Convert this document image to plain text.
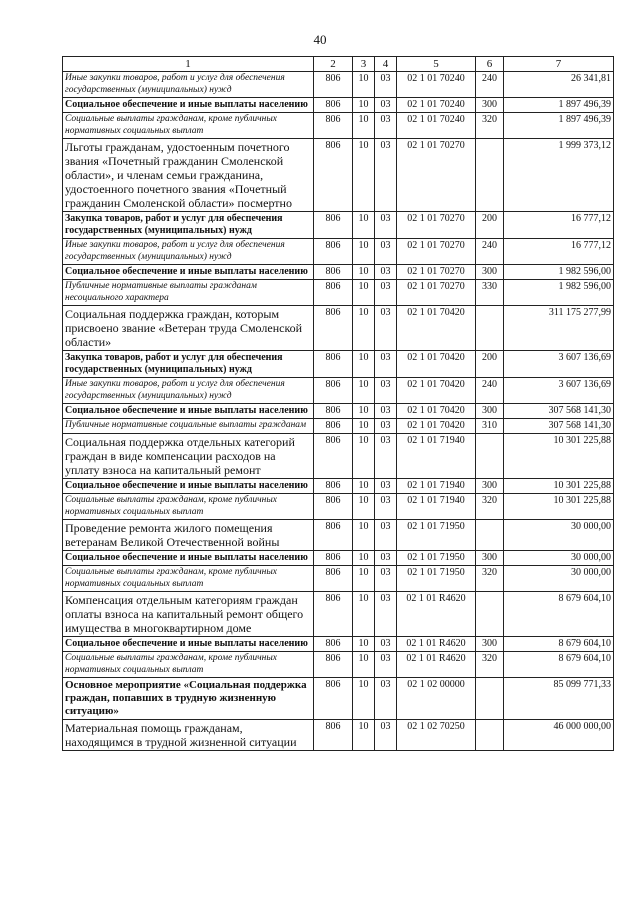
40
1	2	3	4	5	6	7
Иные закупки товаров, работ и услуг для обеспечения государственных (муниципальных) нужд	806	10	03	02 1 01 70240	240	26 341,81
Социальное обеспечение и иные выплаты населению	806	10	03	02 1 01 70240	300	1 897 496,39
Социальные выплаты гражданам, кроме публичных нормативных социальных выплат	806	10	03	02 1 01 70240	320	1 897 496,39
Льготы гражданам, удостоенным почетного звания «Почетный гражданин Смоленской области», и членам семьи гражданина, удостоенного почетного звания «Почетный гражданин Смоленской области» посмертно	806	10	03	02 1 01 70270		1 999 373,12
Закупка товаров, работ и услуг для обеспечения государственных (муниципальных) нужд	806	10	03	02 1 01 70270	200	16 777,12
Иные закупки товаров, работ и услуг для обеспечения государственных (муниципальных) нужд	806	10	03	02 1 01 70270	240	16 777,12
Социальное обеспечение и иные выплаты населению	806	10	03	02 1 01 70270	300	1 982 596,00
Публичные нормативные выплаты гражданам несоциального характера	806	10	03	02 1 01 70270	330	1 982 596,00
Социальная поддержка граждан, которым присвоено звание «Ветеран труда Смоленской области»	806	10	03	02 1 01 70420		311 175 277,99
Закупка товаров, работ и услуг для обеспечения государственных (муниципальных) нужд	806	10	03	02 1 01 70420	200	3 607 136,69
Иные закупки товаров, работ и услуг для обеспечения государственных (муниципальных) нужд	806	10	03	02 1 01 70420	240	3 607 136,69
Социальное обеспечение и иные выплаты населению	806	10	03	02 1 01 70420	300	307 568 141,30
Публичные нормативные социальные выплаты гражданам	806	10	03	02 1 01 70420	310	307 568 141,30
Социальная поддержка отдельных категорий граждан в виде компенсации расходов на уплату взноса на капитальный ремонт	806	10	03	02 1 01 71940		10 301 225,88
Социальное обеспечение и иные выплаты населению	806	10	03	02 1 01 71940	300	10 301 225,88
Социальные выплаты гражданам, кроме публичных нормативных социальных выплат	806	10	03	02 1 01 71940	320	10 301 225,88
Проведение ремонта жилого помещения ветеранам Великой Отечественной войны	806	10	03	02 1 01 71950		30 000,00
Социальное обеспечение и иные выплаты населению	806	10	03	02 1 01 71950	300	30 000,00
Социальные выплаты гражданам, кроме публичных нормативных социальных выплат	806	10	03	02 1 01 71950	320	30 000,00
Компенсация отдельным категориям граждан оплаты взноса на капитальный ремонт общего имущества в многоквартирном доме	806	10	03	02 1 01 R4620		8 679 604,10
Социальное обеспечение и иные выплаты населению	806	10	03	02 1 01 R4620	300	8 679 604,10
Социальные выплаты гражданам, кроме публичных нормативных социальных выплат	806	10	03	02 1 01 R4620	320	8 679 604,10
Основное мероприятие «Социальная поддержка граждан, попавших в трудную жизненную ситуацию»	806	10	03	02 1 02 00000		85 099 771,33
Материальная помощь гражданам, находящимся в трудной жизненной ситуации	806	10	03	02 1 02 70250		46 000 000,00
